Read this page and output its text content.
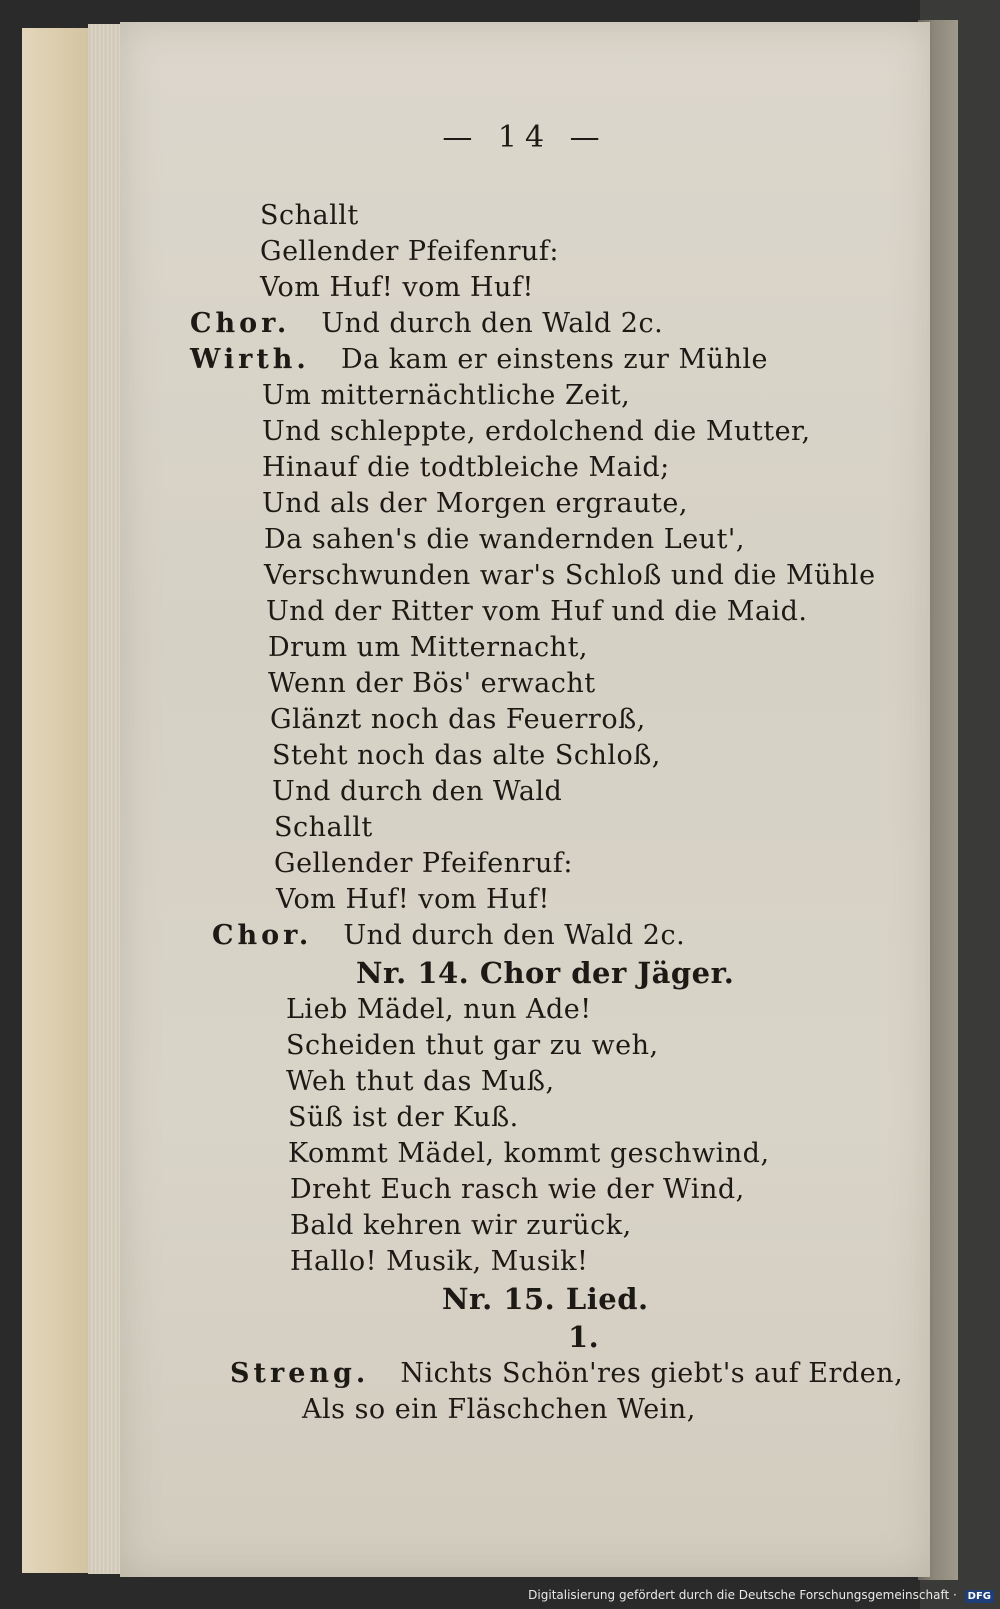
— 14 —
Schallt
Gellender Pfeifenruf:
Vom Huf! vom Huf!
Chor. Und durch den Wald 2c.
Wirth. Da kam er einstens zur Mühle
Um mitternächtliche Zeit,
Und schleppte, erdolchend die Mutter,
Hinauf die todtbleiche Maid;
Und als der Morgen ergraute,
Da sahen's die wandernden Leut',
Verschwunden war's Schloß und die Mühle
Und der Ritter vom Huf und die Maid.
Drum um Mitternacht,
Wenn der Bös' erwacht
Glänzt noch das Feuerroß,
Steht noch das alte Schloß,
Und durch den Wald
Schallt
Gellender Pfeifenruf:
Vom Huf! vom Huf!
Chor. Und durch den Wald 2c.
Nr. 14. Chor der Jäger.
Lieb Mädel, nun Ade!
Scheiden thut gar zu weh,
Weh thut das Muß,
Süß ist der Kuß.
Kommt Mädel, kommt geschwind,
Dreht Euch rasch wie der Wind,
Bald kehren wir zurück,
Hallo! Musik, Musik!
Nr. 15. Lied.
1.
Streng. Nichts Schön'res giebt's auf Erden,
Als so ein Fläschchen Wein,
Digitalisierung gefördert durch die Deutsche Forschungsgemeinschaft · DFG
